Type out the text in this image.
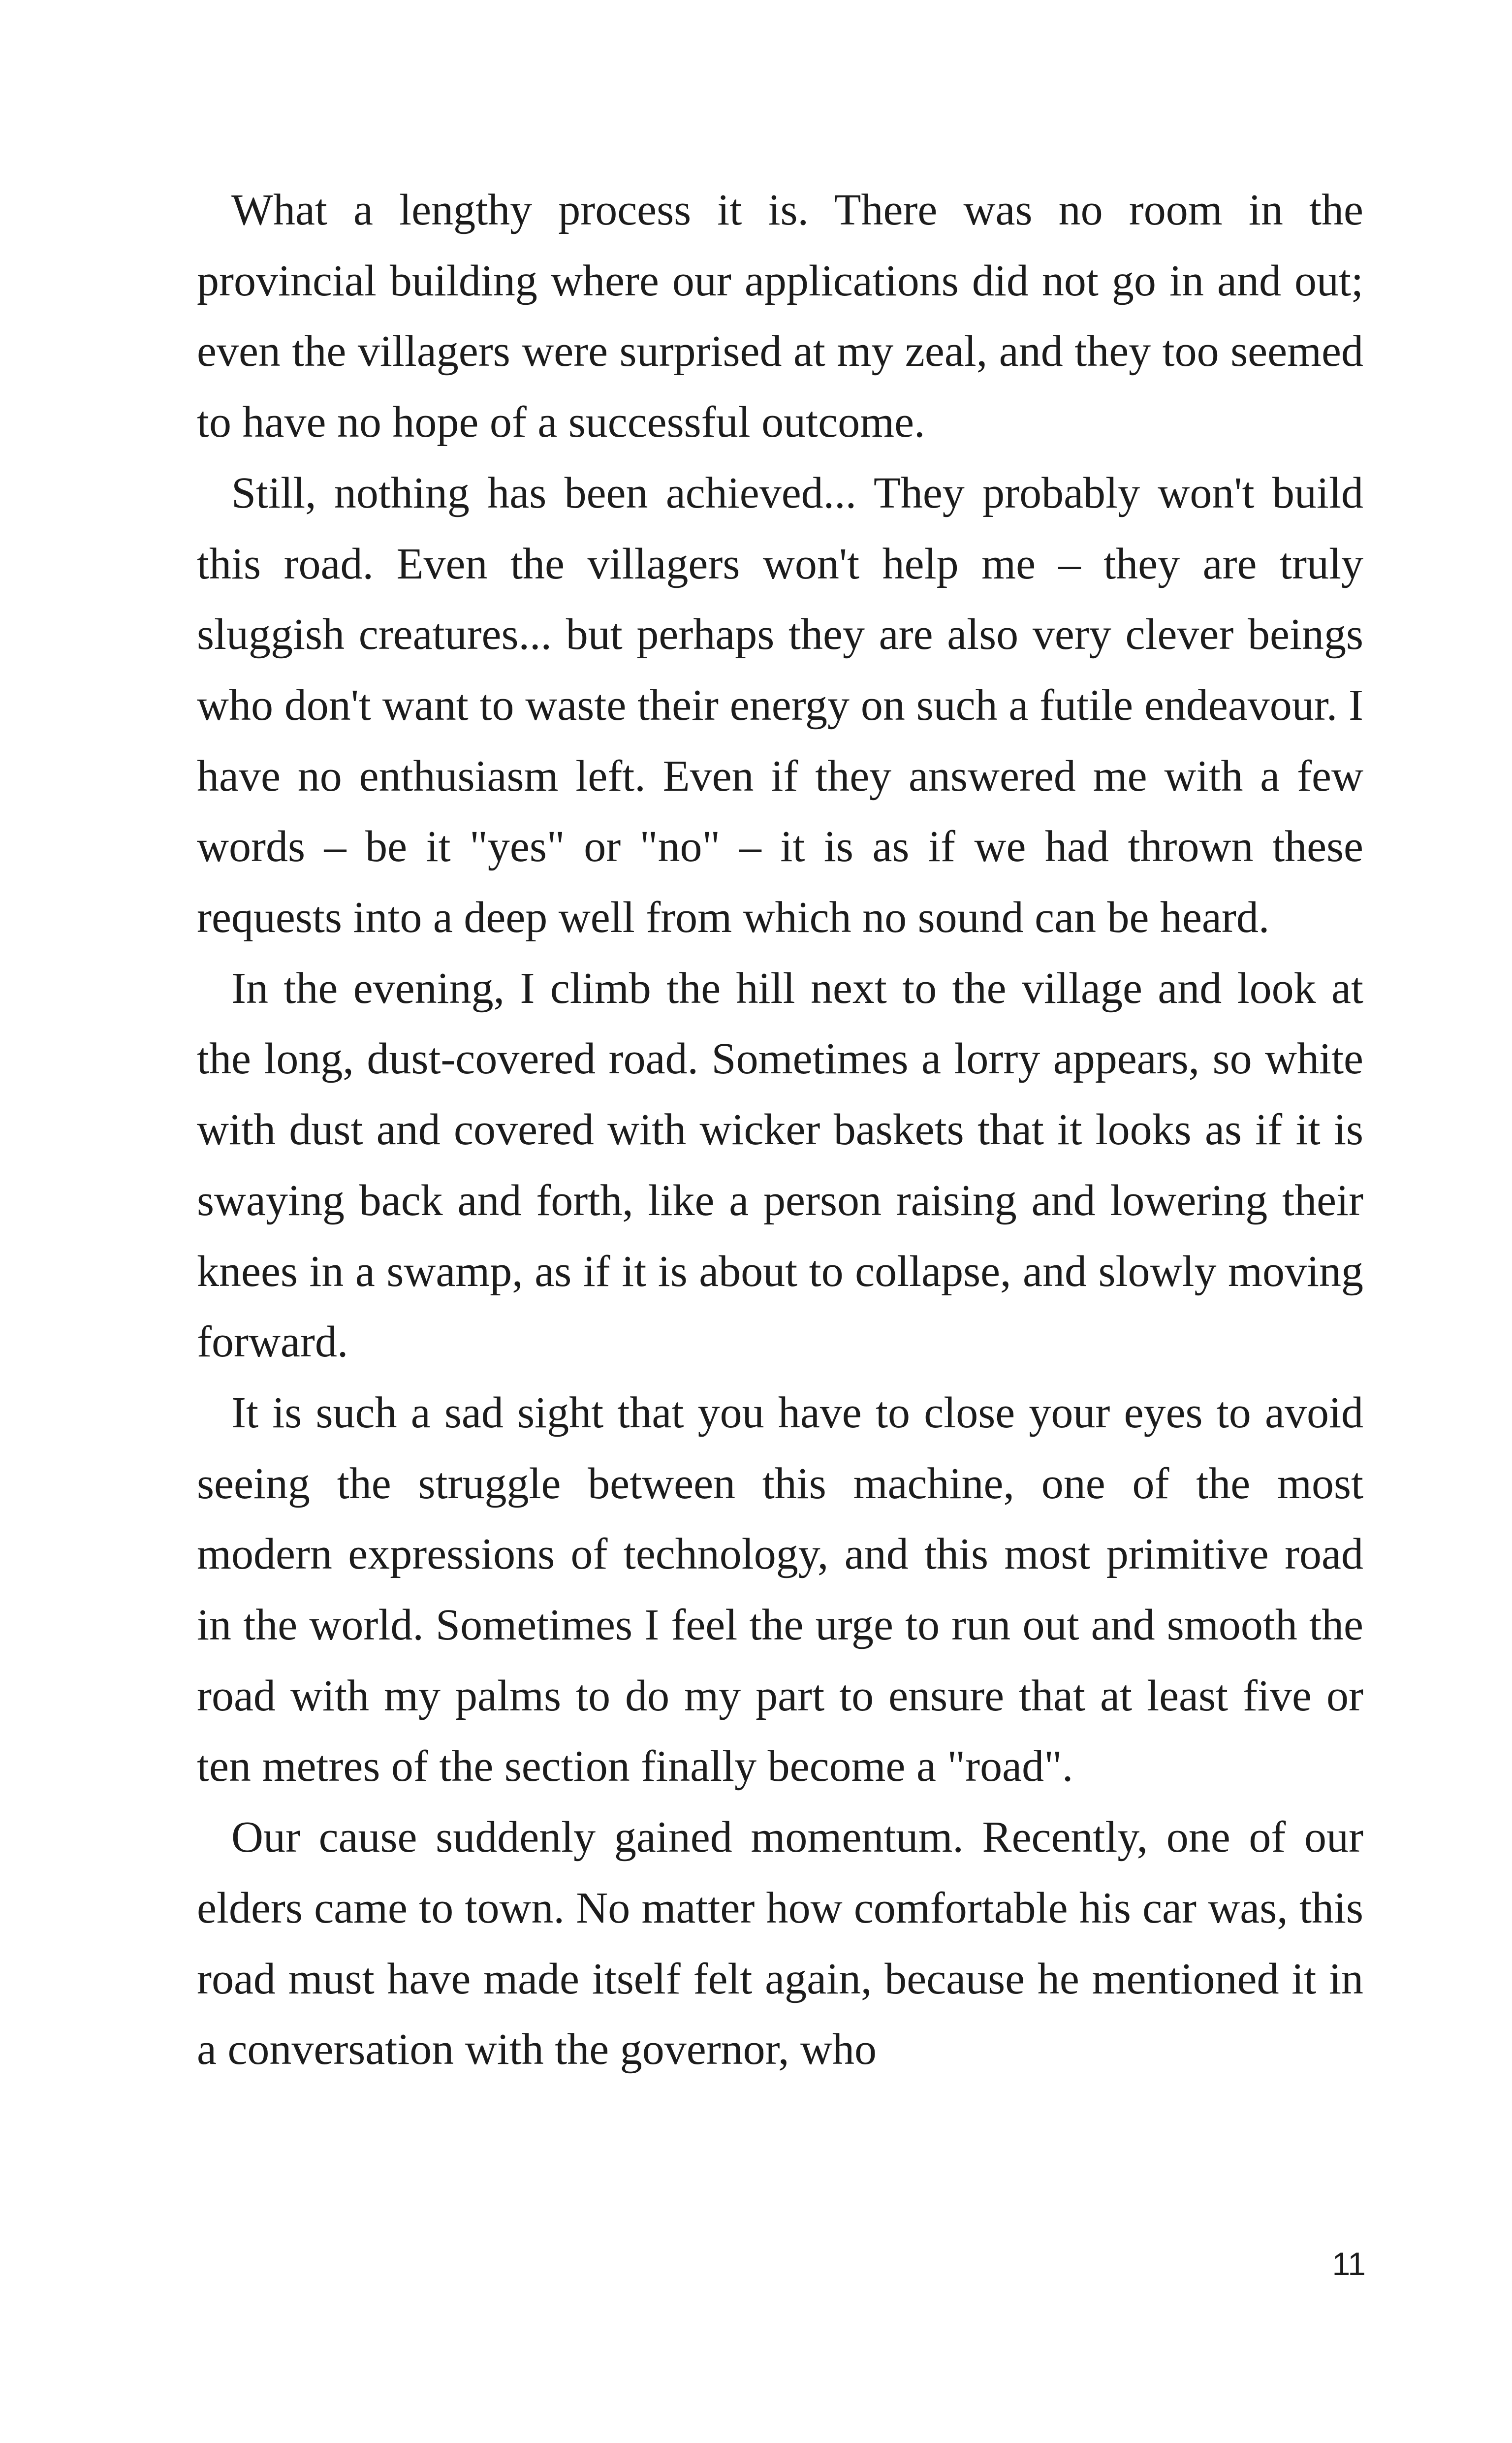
What a lengthy process it is. There was no room in the provincial building where our applications did not go in and out; even the villagers were surprised at my zeal, and they too seemed to have no hope of a successful outcome.

Still, nothing has been achieved... They probably won't build this road. Even the villagers won't help me – they are truly sluggish creatures... but perhaps they are also very clever beings who don't want to waste their energy on such a futile endeavour. I have no enthusiasm left. Even if they answered me with a few words – be it "yes" or "no" – it is as if we had thrown these requests into a deep well from which no sound can be heard.

In the evening, I climb the hill next to the village and look at the long, dust-covered road. Sometimes a lorry appears, so white with dust and covered with wicker baskets that it looks as if it is swaying back and forth, like a person raising and lowering their knees in a swamp, as if it is about to collapse, and slowly moving forward.

It is such a sad sight that you have to close your eyes to avoid seeing the struggle between this machine, one of the most modern expressions of technology, and this most primitive road in the world. Sometimes I feel the urge to run out and smooth the road with my palms to do my part to ensure that at least five or ten metres of the section finally become a "road".

Our cause suddenly gained momentum. Recently, one of our elders came to town. No matter how comfortable his car was, this road must have made itself felt again, because he mentioned it in a conversation with the governor, who

11
